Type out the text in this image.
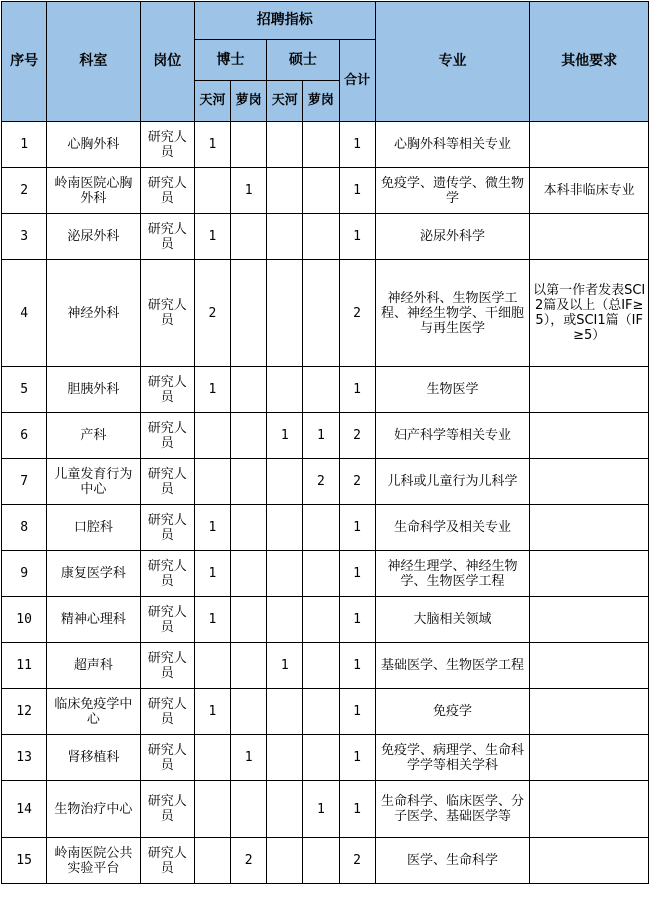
序号	科室	岗位	招聘指标					专业	其他要求
			博士		硕士		合计		
			天河	萝岗	天河	萝岗			
1	心胸外科	研究人员	1				1	心胸外科等相关专业	
2	岭南医院心胸外科	研究人员		1			1	免疫学、遗传学、微生物学	本科非临床专业
3	泌尿外科	研究人员	1				1	泌尿外科学	
4	神经外科	研究人员	2				2	神经外科、生物医学工程、神经生物学、干细胞与再生医学	以第一作者发表SCI2篇及以上（总IF≥5），或SCI1篇（IF≥5）
5	胆胰外科	研究人员	1				1	生物医学	
6	产科	研究人员			1	1	2	妇产科学等相关专业	
7	儿童发育行为中心	研究人员				2	2	儿科或儿童行为儿科学	
8	口腔科	研究人员	1				1	生命科学及相关专业	
9	康复医学科	研究人员	1				1	神经生理学、神经生物学、生物医学工程	
10	精神心理科	研究人员	1				1	大脑相关领域	
11	超声科	研究人员			1		1	基础医学、生物医学工程	
12	临床免疫学中心	研究人员	1				1	免疫学	
13	肾移植科	研究人员		1			1	免疫学、病理学、生命科学学等相关学科	
14	生物治疗中心	研究人员				1	1	生命科学、临床医学、分子医学、基础医学等	
15	岭南医院公共实验平台	研究人员		2			2	医学、生命科学	
